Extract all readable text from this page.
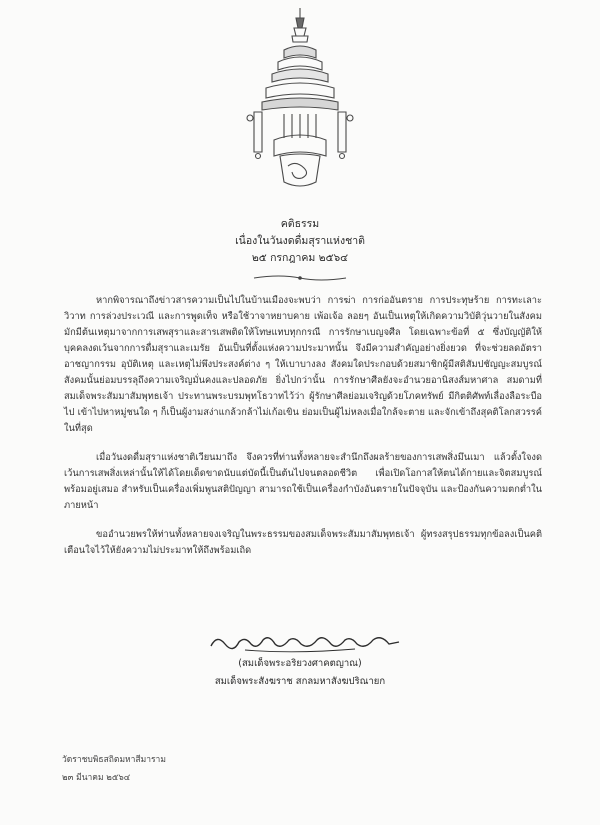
คติธรรม
เนื่องในวันงดดื่มสุราแห่งชาติ
๒๕ กรกฎาคม ๒๕๖๔

หากพิจารณาถึงข่าวสารความเป็นไปในบ้านเมืองจะพบว่า การฆ่า การก่ออันตราย การประทุษร้าย การทะเลาะวิวาท การล่วงประเวณี และการพูดเท็จ หรือใช้วาจาหยาบคาย เพ้อเจ้อ ลอยๆ อันเป็นเหตุให้เกิดความวิบัติวุ่นวายในสังคม มักมีต้นเหตุมาจากการเสพสุราและสารเสพติดให้โทษแทบทุกกรณี การรักษาเบญจศีล โดยเฉพาะข้อที่ ๕ ซึ่งบัญญัติให้บุคคลงดเว้นจากการดื่มสุราและเมรัย อันเป็นที่ตั้งแห่งความประมาทนั้น จึงมีความสำคัญอย่างยิ่งยวด ที่จะช่วยลดอัตราอาชญากรรม อุบัติเหตุ และเหตุไม่พึงประสงค์ต่าง ๆ ให้เบาบางลง สังคมใดประกอบด้วยสมาชิกผู้มีสติสัมปชัญญะสมบูรณ์ สังคมนั้นย่อมบรรลุถึงความเจริญมั่นคงและปลอดภัย ยิ่งไปกว่านั้น การรักษาศีลยังจะอำนวยอานิสงส์มหาศาล สมดามที่สมเด็จพระสัมมาสัมพุทธเจ้า ประทานพระบรมพุทโธวาทไว้ว่า ผู้รักษาศีลย่อมเจริญด้วยโภคทรัพย์ มีกิตติศัพท์เลื่องลือระบือไป เข้าไปหาหมู่ชนใด ๆ ก็เป็นผู้งามสง่าแกล้วกล้าไม่เก้อเขิน ย่อมเป็นผู้ไม่หลงเมื่อใกล้จะตาย และจักเข้าถึงสุคติโลกสวรรค์ในที่สุด

เมื่อวันงดดื่มสุราแห่งชาติเวียนมาถึง จึงควรที่ท่านทั้งหลายจะสำนึกถึงผลร้ายของการเสพสิ่งมึนเมา แล้วตั้งใจงดเว้นการเสพสิ่งเหล่านั้นให้ได้โดยเด็ดขาดนับแต่บัดนี้เป็นต้นไปจนตลอดชีวิต เพื่อเปิดโอกาสให้ตนได้กายและจิตสมบูรณ์พร้อมอยู่เสมอ สำหรับเป็นเครื่องเพิ่มพูนสติปัญญา สามารถใช้เป็นเครื่องกำบังอันตรายในปัจจุบัน และป้องกันความตกต่ำในภายหน้า

ขออำนวยพรให้ท่านทั้งหลายจงเจริญในพระธรรมของสมเด็จพระสัมมาสัมพุทธเจ้า ผู้ทรงสรุปธรรมทุกข้อลงเป็นคติเตือนใจไว้ให้ยังความไม่ประมาทให้ถึงพร้อมเถิด

(สมเด็จพระอริยวงศาคตญาณ)
สมเด็จพระสังฆราช สกลมหาสังฆปริณายก
วัดราชบพิธสถิตมหาสีมาราม
๒๓ มีนาคม ๒๕๖๔
